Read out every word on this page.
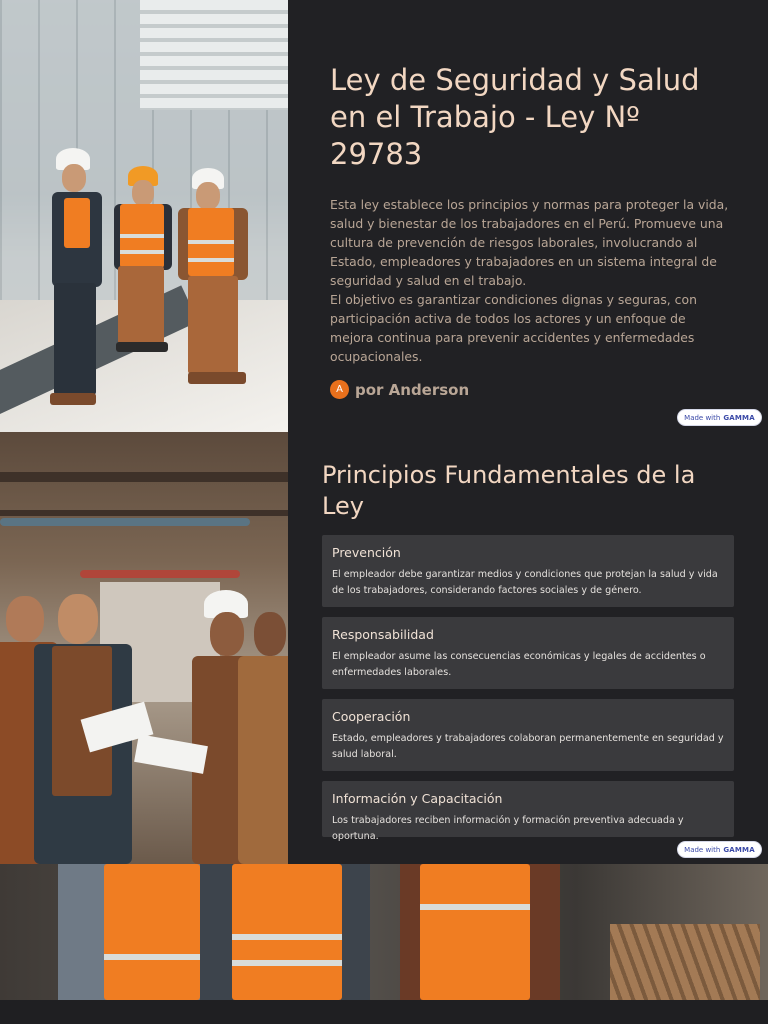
Ley de Seguridad y Salud en el Trabajo - Ley Nº 29783

Esta ley establece los principios y normas para proteger la vida, salud y bienestar de los trabajadores en el Perú. Promueve una cultura de prevención de riesgos laborales, involucrando al Estado, empleadores y trabajadores en un sistema integral de seguridad y salud en el trabajo.

El objetivo es garantizar condiciones dignas y seguras, con participación activa de todos los actores y un enfoque de mejora continua para prevenir accidentes y enfermedades ocupacionales.

A por Anderson
Made with GAMMA
Principios Fundamentales de la Ley
Prevención
El empleador debe garantizar medios y condiciones que protejan la salud y vida de los trabajadores, considerando factores sociales y de género.
Responsabilidad
El empleador asume las consecuencias económicas y legales de accidentes o enfermedades laborales.
Cooperación
Estado, empleadores y trabajadores colaboran permanentemente en seguridad y salud laboral.
Información y Capacitación
Los trabajadores reciben información y formación preventiva adecuada y oportuna.
Made with GAMMA
